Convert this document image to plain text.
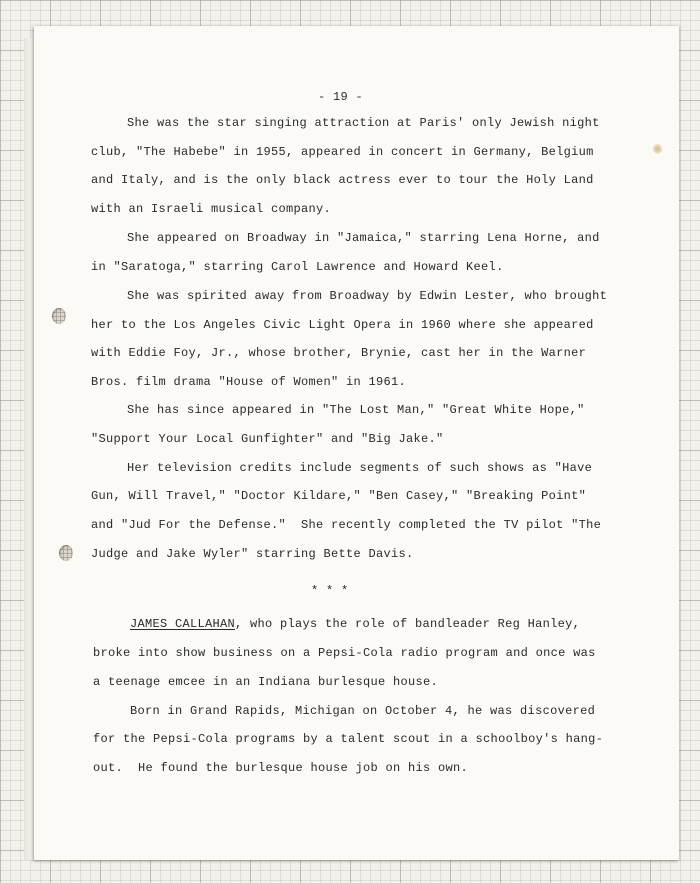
- 19 -

She was the star singing attraction at Paris' only Jewish night

club, "The Habebe" in 1955, appeared in concert in Germany, Belgium

and Italy, and is the only black actress ever to tour the Holy Land

with an Israeli musical company.

She appeared on Broadway in "Jamaica," starring Lena Horne, and

in "Saratoga," starring Carol Lawrence and Howard Keel.

She was spirited away from Broadway by Edwin Lester, who brought

her to the Los Angeles Civic Light Opera in 1960 where she appeared

with Eddie Foy, Jr., whose brother, Brynie, cast her in the Warner

Bros. film drama "House of Women" in 1961.

She has since appeared in "The Lost Man," "Great White Hope,"

"Support Your Local Gunfighter" and "Big Jake."

Her television credits include segments of such shows as "Have

Gun, Will Travel," "Doctor Kildare," "Ben Casey," "Breaking Point"

and "Jud For the Defense."  She recently completed the TV pilot "The

Judge and Jake Wyler" starring Bette Davis.

* * *

JAMES CALLAHAN, who plays the role of bandleader Reg Hanley,

broke into show business on a Pepsi-Cola radio program and once was

a teenage emcee in an Indiana burlesque house.

Born in Grand Rapids, Michigan on October 4, he was discovered

for the Pepsi-Cola programs by a talent scout in a schoolboy's hang-

out.  He found the burlesque house job on his own.
